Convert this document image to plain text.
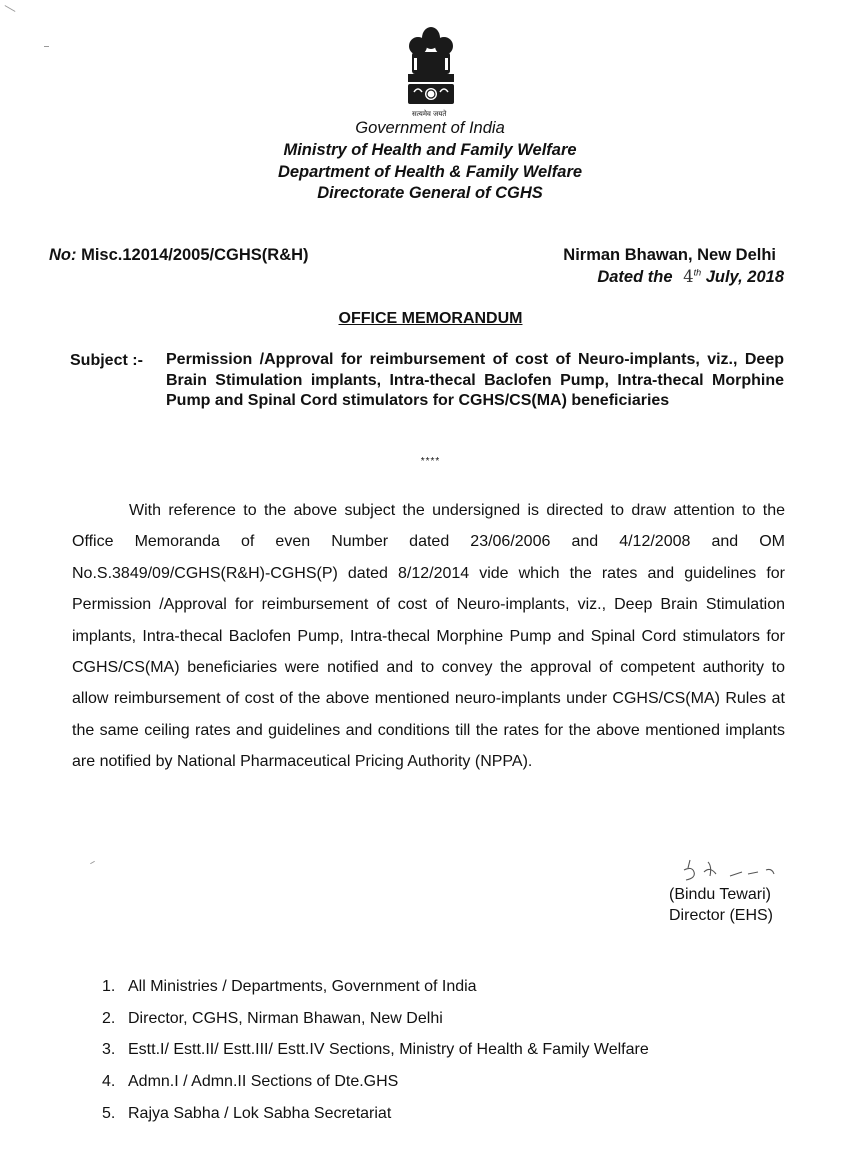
सत्यमेव जयते
Government of India
Ministry of Health and Family Welfare
Department of Health & Family Welfare
Directorate General of CGHS
No: Misc.12014/2005/CGHS(R&H)	Nirman Bhawan, New Delhi
Dated the 4th July, 2018
OFFICE MEMORANDUM
Subject :- Permission /Approval for reimbursement of cost of Neuro-implants, viz., Deep Brain Stimulation implants, Intra-thecal Baclofen Pump, Intra-thecal Morphine Pump and Spinal Cord stimulators for CGHS/CS(MA) beneficiaries
****
With reference to the above subject the undersigned is directed to draw attention to the Office Memoranda of even Number dated 23/06/2006 and 4/12/2008 and OM No.S.3849/09/CGHS(R&H)-CGHS(P) dated 8/12/2014 vide which the rates and guidelines for Permission /Approval for reimbursement of cost of Neuro-implants, viz., Deep Brain Stimulation implants, Intra-thecal Baclofen Pump, Intra-thecal Morphine Pump and Spinal Cord stimulators for CGHS/CS(MA) beneficiaries were notified and to convey the approval of competent authority to allow reimbursement of cost of the above mentioned neuro-implants under CGHS/CS(MA) Rules at the same ceiling rates and guidelines and conditions till the rates for the above mentioned implants are notified by National Pharmaceutical Pricing Authority (NPPA).
(Bindu Tewari)
Director (EHS)
1. All Ministries / Departments, Government of India
2. Director, CGHS, Nirman Bhawan, New Delhi
3. Estt.I/ Estt.II/ Estt.III/ Estt.IV Sections, Ministry of Health & Family Welfare
4. Admn.I / Admn.II Sections of Dte.GHS
5. Rajya Sabha / Lok Sabha Secretariat
